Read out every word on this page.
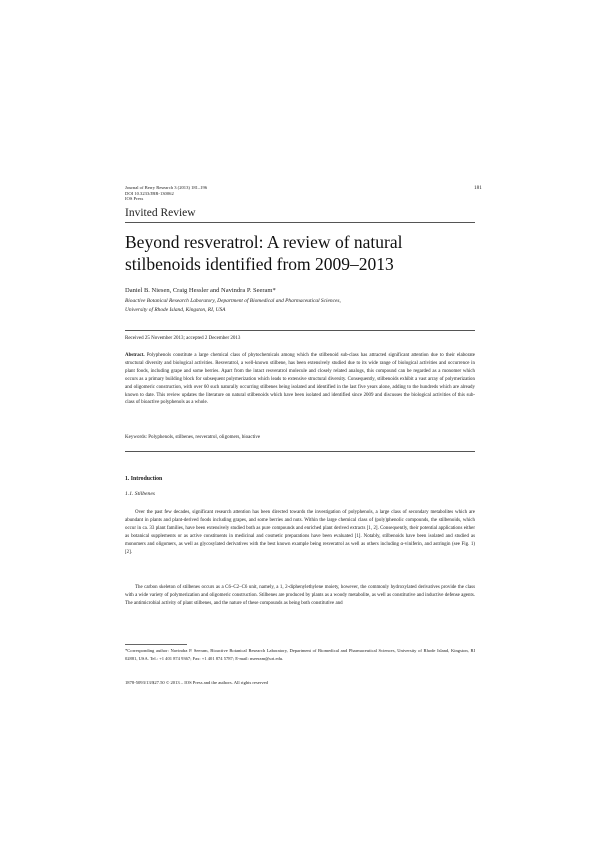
Journal of Berry Research 3 (2013) 181–196
DOI 10.3233/JBR-130062
IOS Press
181
Invited Review
Beyond resveratrol: A review of natural
stilbenoids identified from 2009–2013
Daniel B. Niesen, Craig Hessler and Navindra P. Seeram*
Bioactive Botanical Research Laboratory, Department of Biomedical and Pharmaceutical Sciences,
University of Rhode Island, Kingston, RI, USA
Received 25 November 2013; accepted 2 December 2013

Abstract. Polyphenols constitute a large chemical class of phytochemicals among which the stilbenoid sub-class has attracted significant attention due to their elaborate structural diversity and biological activities. Resveratrol, a well-known stilbene, has been extensively studied due to its wide range of biological activities and occurrence in plant foods, including grape and some berries. Apart from the intact resveratrol molecule and closely related analogs, this compound can be regarded as a monomer which occurs as a primary building block for subsequent polymerization which leads to extensive structural diversity. Consequently, stilbenoids exhibit a vast array of polymerization and oligomeric construction, with over 60 such naturally occurring stilbenes being isolated and identified in the last five years alone, adding to the hundreds which are already known to date. This review updates the literature on natural stilbenoids which have been isolated and identified since 2009 and discusses the biological activities of this sub-class of bioactive polyphenols as a whole.

Keywords: Polyphenols, stilbenes, resveratrol, oligomers, bioactive
1. Introduction
1.1. Stilbenes

Over the past few decades, significant research attention has been directed towards the investigation of polyphenols, a large class of secondary metabolites which are abundant in plants and plant-derived foods including grapes, and some berries and nuts. Within the large chemical class of (poly)phenolic compounds, the stilbenoids, which occur in ca. 33 plant families, have been extensively studied both as pure compounds and enriched plant derived extracts [1, 2]. Consequently, their potential applications either as botanical supplements or as active constituents in medicinal and cosmetic preparations have been evaluated [1]. Notably, stilbenoids have been isolated and studied as monomers and oligomers, as well as glycosylated derivatives with the best known example being resveratrol as well as others including α-viniferin, and astringin (see Fig. 1) [2].

The carbon skeleton of stilbenes occurs as a C6–C2–C6 unit, namely, a 1, 2-diphenylethylene moiety, however, the commonly hydroxylated derivatives provide the class with a wide variety of polymerization and oligomeric construction. Stilbenes are produced by plants as a woody metabolite, as well as constitutive and inductive defense agents. The antimicrobial activity of plant stilbenes, and the nature of these compounds as being both constitutive and

*Corresponding author: Navindra P. Seeram, Bioactive Botanical Research Laboratory, Department of Biomedical and Pharmaceutical Sciences, University of Rhode Island, Kingston, RI 02881, USA. Tel.: +1 401 874 9367; Fax: +1 401 874 5787; E-mail: nseeram@uri.edu.

1878-5093/13/$27.50 © 2013 – IOS Press and the authors. All rights reserved
